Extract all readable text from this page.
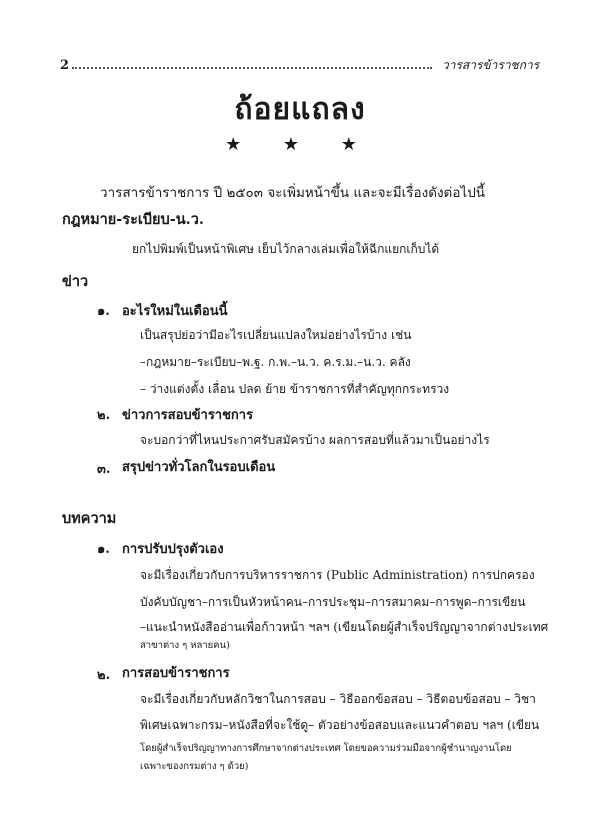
2	วารสารข้าราชการ
ถ้อยแถลง
★ ★ ★
วารสารข้าราชการ ปี ๒๕๐๓ จะเพิ่มหน้าขึ้น และจะมีเรื่องดังต่อไปนี้
กฎหมาย-ระเบียบ-น.ว.
ยกไปพิมพ์เป็นหน้าพิเศษ เย็บไว้กลางเล่มเพื่อให้ฉีกแยกเก็บได้
ข่าว
๑. อะไรใหม่ในเดือนนี้
เป็นสรุปย่อว่ามีอะไรเปลี่ยนแปลงใหม่อย่างไรบ้าง เช่น
–กฎหมาย–ระเบียบ–พ.ฐ. ก.พ.–น.ว. ค.ร.ม.–น.ว. คลัง
– ว่างแต่งตั้ง เลื่อน ปลด ย้าย ข้าราชการที่สำคัญทุกกระทรวง
๒. ข่าวการสอบข้าราชการ
จะบอกว่าที่ไหนประกาศรับสมัครบ้าง ผลการสอบที่แล้วมาเป็นอย่างไร
๓. สรุปข่าวทั่วโลกในรอบเดือน
บทความ
๑. การปรับปรุงตัวเอง
จะมีเรื่องเกี่ยวกับการบริหารราชการ (Public Administration) การปกครอง
บังคับบัญชา–การเป็นหัวหน้าคน–การประชุม–การสมาคม–การพูด–การเขียน
–แนะนำหนังสืออ่านเพื่อก้าวหน้า ฯลฯ (เขียนโดยผู้สำเร็จปริญญาจากต่างประเทศ
สาขาต่าง ๆ หลายคน)
๒. การสอบข้าราชการ
จะมีเรื่องเกี่ยวกับหลักวิชาในการสอบ – วิธีออกข้อสอบ – วิธีตอบข้อสอบ – วิชา
พิเศษเฉพาะกรม–หนังสือที่จะใช้ดู– ตัวอย่างข้อสอบและแนวคำตอบ ฯลฯ (เขียน
โดยผู้สำเร็จปริญญาทางการศึกษาจากต่างประเทศ โดยขอความร่วมมือจากผู้ชำนาญงานโดย
เฉพาะของกรมต่าง ๆ ด้วย)
